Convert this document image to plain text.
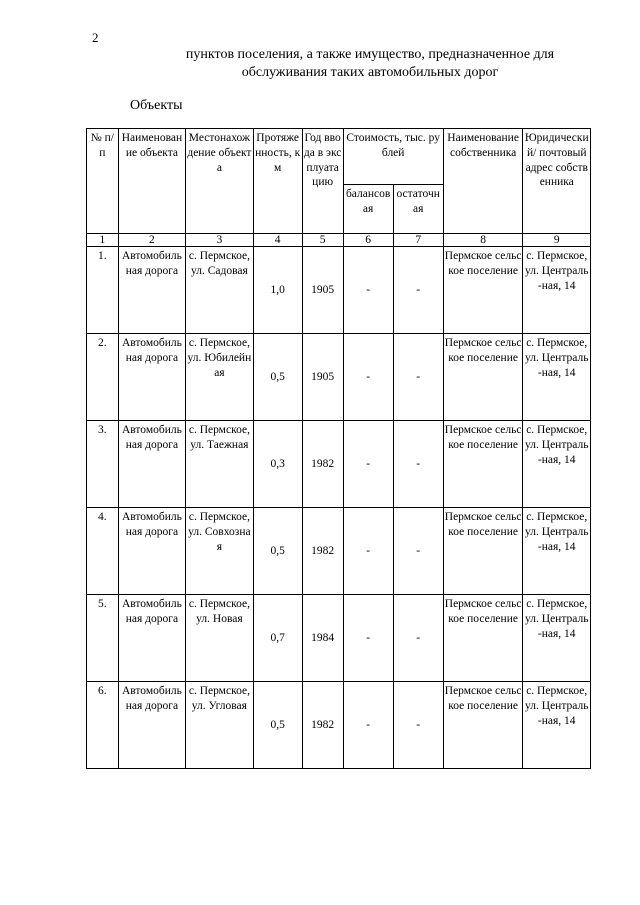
2
пунктов поселения, а также имущество, предназначенное для
обслуживания таких автомобильных дорог
Объекты
№ п/п	Наименование объекта	Местонахождение объекта	Протяженность, км	Год ввода в эксплуатацию	Стоимость, тыс. рублей		Наименование собственника	Юридический/ почтовый адрес собственника
					балансовая	остаточная		
1	2	3	4	5	6	7	8	9
1.	Автомобильная дорога	с. Пермское, ул. Садовая	1,0	1905	-	-	Пермское сельское поселение	с. Пермское, ул. Централь-ная, 14
2.	Автомобильная дорога	с. Пермское, ул. Юбилейная	0,5	1905	-	-	Пермское сельское поселение	с. Пермское, ул. Централь-ная, 14
3.	Автомобильная дорога	с. Пермское, ул. Таежная	0,3	1982	-	-	Пермское сельское поселение	с. Пермское, ул. Централь-ная, 14
4.	Автомобильная дорога	с. Пермское, ул. Совхозная	0,5	1982	-	-	Пермское сельское поселение	с. Пермское, ул. Централь-ная, 14
5.	Автомобильная дорога	с. Пермское, ул. Новая	0,7	1984	-	-	Пермское сельское поселение	с. Пермское, ул. Централь-ная, 14
6.	Автомобильная дорога	с. Пермское, ул. Угловая	0,5	1982	-	-	Пермское сельское поселение	с. Пермское, ул. Централь-ная, 14
